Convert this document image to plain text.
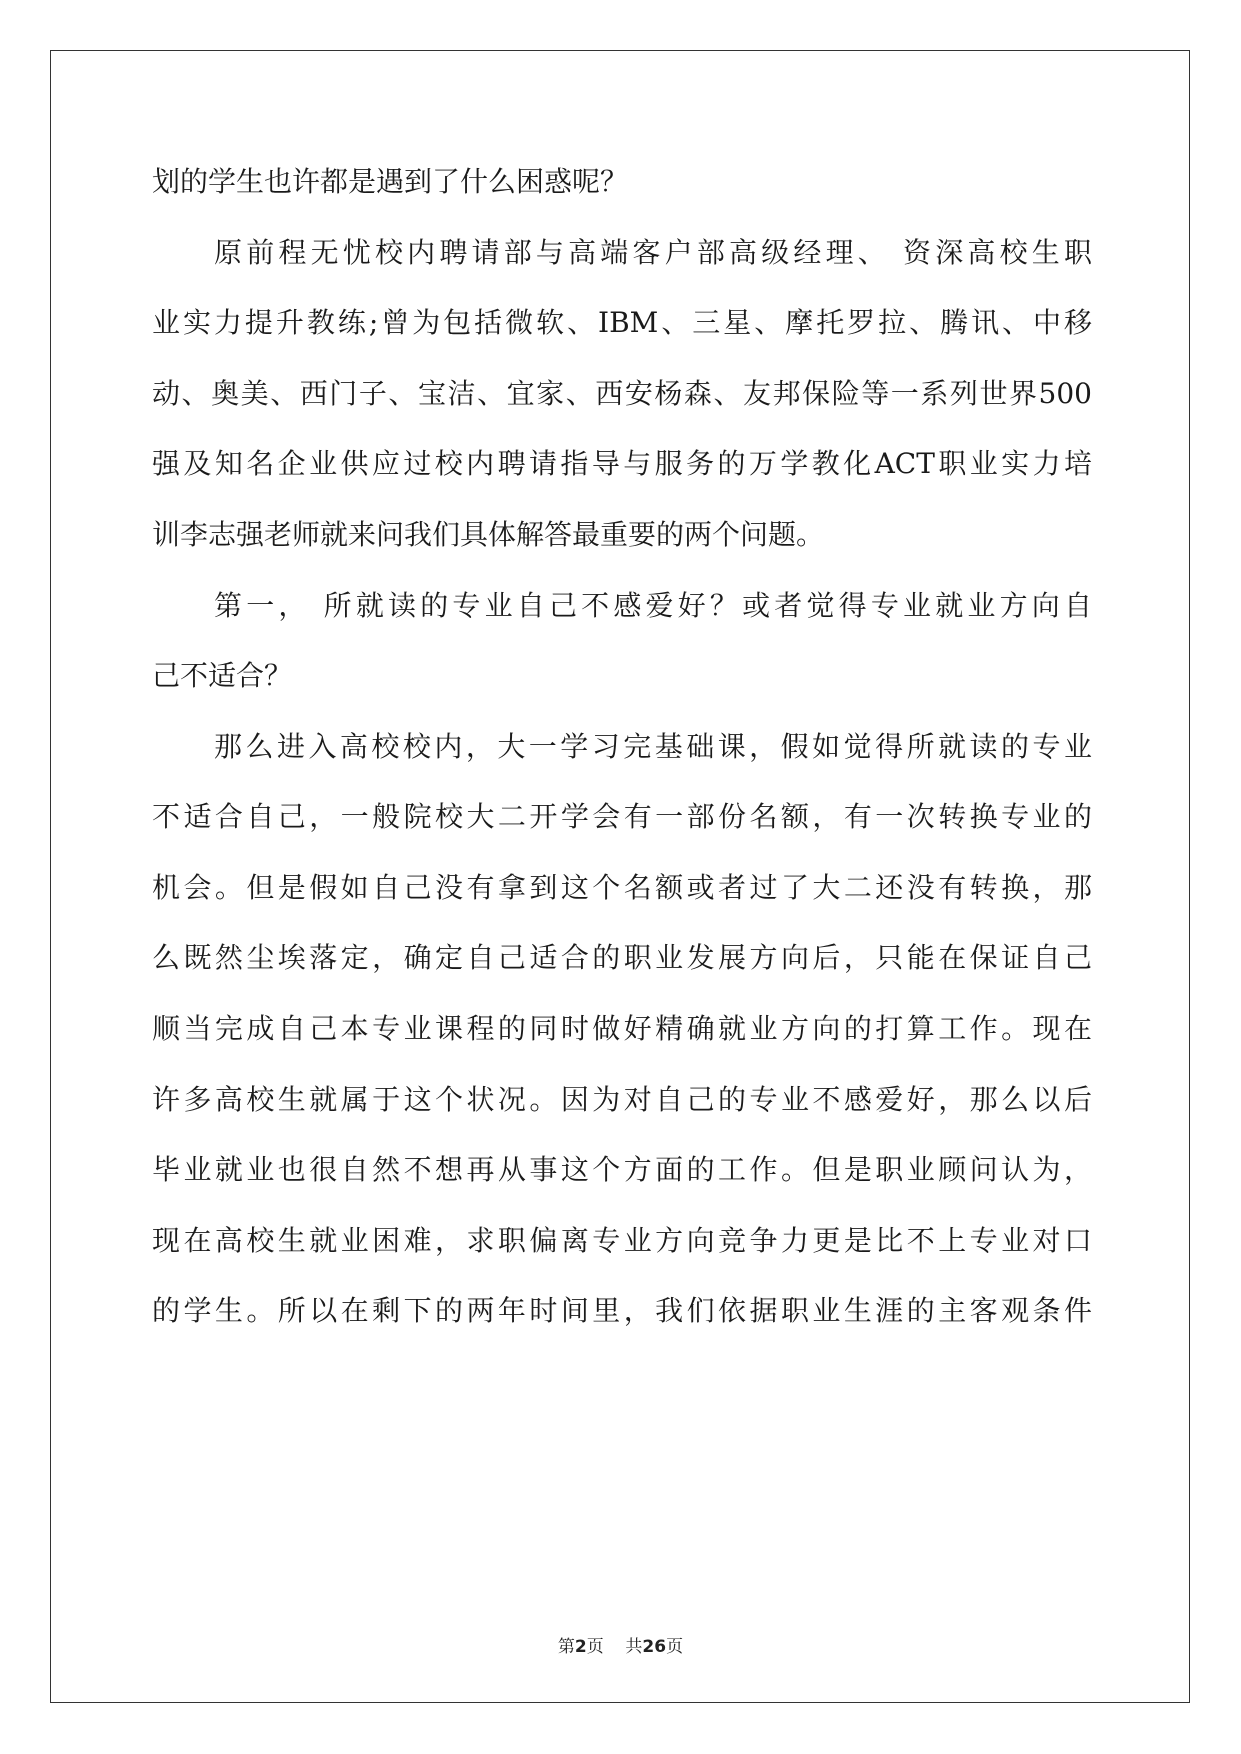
划的学生也许都是遇到了什么困惑呢？
原前程无忧校内聘请部与高端客户部高级经理、 资深高校生职
业实力提升教练;曾为包括微软、IBM、三星、摩托罗拉、腾讯、中移
动、奥美、西门子、宝洁、宜家、西安杨森、友邦保险等一系列世界500
强及知名企业供应过校内聘请指导与服务的万学教化ACT职业实力培
训李志强老师就来问我们具体解答最重要的两个问题。
第一， 所就读的专业自己不感爱好？或者觉得专业就业方向自
己不适合？
那么进入高校校内，大一学习完基础课，假如觉得所就读的专业
不适合自己，一般院校大二开学会有一部份名额，有一次转换专业的
机会。但是假如自己没有拿到这个名额或者过了大二还没有转换，那
么既然尘埃落定，确定自己适合的职业发展方向后，只能在保证自己
顺当完成自己本专业课程的同时做好精确就业方向的打算工作。现在
许多高校生就属于这个状况。因为对自己的专业不感爱好，那么以后
毕业就业也很自然不想再从事这个方面的工作。但是职业顾问认为，
现在高校生就业困难，求职偏离专业方向竞争力更是比不上专业对口
的学生。所以在剩下的两年时间里，我们依据职业生涯的主客观条件
第2页 共26页
